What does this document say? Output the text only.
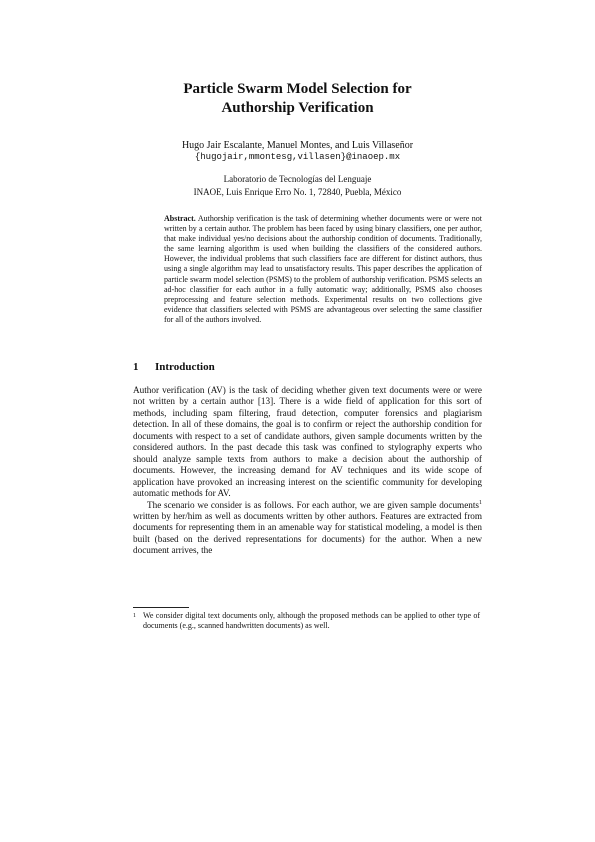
Particle Swarm Model Selection for
Authorship Verification
Hugo Jair Escalante, Manuel Montes, and Luis Villaseñor
{hugojair,mmontesg,villasen}@inaoep.mx
Laboratorio de Tecnologías del Lenguaje
INAOE, Luis Enrique Erro No. 1, 72840, Puebla, México
Abstract. Authorship verification is the task of determining whether documents were or were not written by a certain author. The problem has been faced by using binary classifiers, one per author, that make individual yes/no decisions about the authorship condition of documents. Traditionally, the same learning algorithm is used when building the classifiers of the considered authors. However, the individual problems that such classifiers face are different for distinct authors, thus using a single algorithm may lead to unsatisfactory results. This paper describes the application of particle swarm model selection (PSMS) to the problem of authorship verification. PSMS selects an ad-hoc classifier for each author in a fully automatic way; additionally, PSMS also chooses preprocessing and feature selection methods. Experimental results on two collections give evidence that classifiers selected with PSMS are advantageous over selecting the same classifier for all of the authors involved.
1 Introduction

Author verification (AV) is the task of deciding whether given text documents were or were not written by a certain author [13]. There is a wide field of application for this sort of methods, including spam filtering, fraud detection, computer forensics and plagiarism detection. In all of these domains, the goal is to confirm or reject the authorship condition for documents with respect to a set of candidate authors, given sample documents written by the considered authors. In the past decade this task was confined to stylography experts who should analyze sample texts from authors to make a decision about the authorship of documents. However, the increasing demand for AV techniques and its wide scope of application have provoked an increasing interest on the scientific community for developing automatic methods for AV.

The scenario we consider is as follows. For each author, we are given sample documents$^1$ written by her/him as well as documents written by other authors. Features are extracted from documents for representing them in an amenable way for statistical modeling, a model is then built (based on the derived representations for documents) for the author. When a new document arrives, the

1 We consider digital text documents only, although the proposed methods can be applied to other type of documents (e.g., scanned handwritten documents) as well.
